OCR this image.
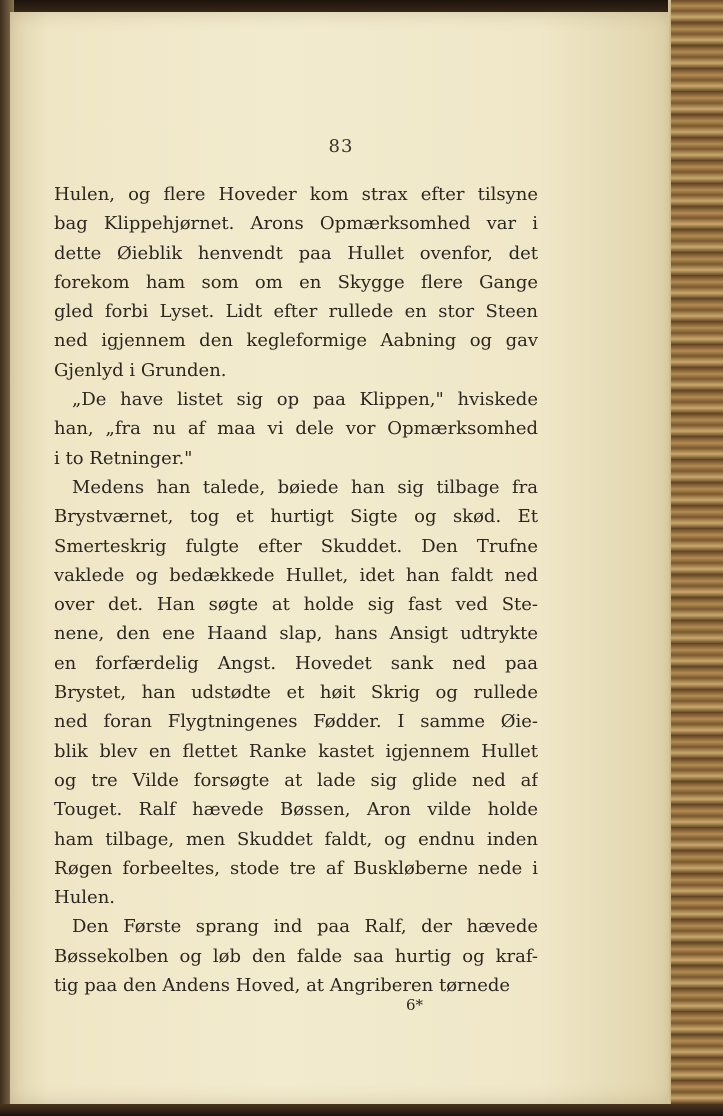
83
Hulen, og flere Hoveder kom strax efter tilsyne
bag Klippehjørnet. Arons Opmærksomhed var i
dette Øieblik henvendt paa Hullet ovenfor, det
forekom ham som om en Skygge flere Gange
gled forbi Lyset. Lidt efter rullede en stor Steen
ned igjennem den kegleformige Aabning og gav
Gjenlyd i Grunden.
„De have listet sig op paa Klippen," hviskede
han, „fra nu af maa vi dele vor Opmærksomhed
i to Retninger."
Medens han talede, bøiede han sig tilbage fra
Brystværnet, tog et hurtigt Sigte og skød. Et
Smerteskrig fulgte efter Skuddet. Den Trufne
vaklede og bedækkede Hullet, idet han faldt ned
over det. Han søgte at holde sig fast ved Ste-
nene, den ene Haand slap, hans Ansigt udtrykte
en forfærdelig Angst. Hovedet sank ned paa
Brystet, han udstødte et høit Skrig og rullede
ned foran Flygtningenes Fødder. I samme Øie-
blik blev en flettet Ranke kastet igjennem Hullet
og tre Vilde forsøgte at lade sig glide ned af
Touget. Ralf hævede Bøssen, Aron vilde holde
ham tilbage, men Skuddet faldt, og endnu inden
Røgen forbeeltes, stode tre af Buskløberne nede i
Hulen.
Den Første sprang ind paa Ralf, der hævede
Bøssekolben og løb den falde saa hurtig og kraf-
tig paa den Andens Hoved, at Angriberen tørnede
6*
